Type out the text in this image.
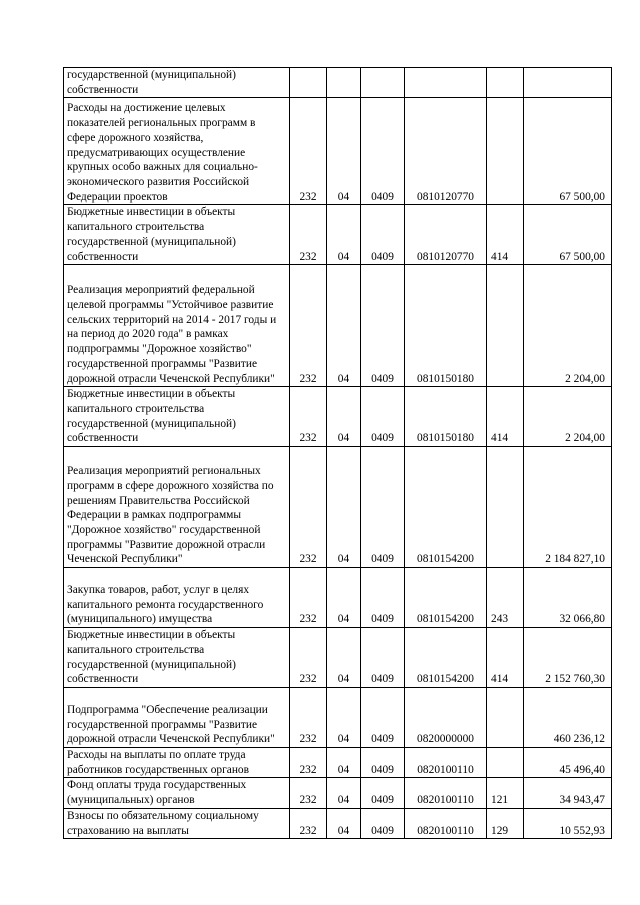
государственной (муниципальной) собственности						
Расходы на достижение целевых показателей региональных программ в сфере дорожного хозяйства, предусматривающих осуществление крупных особо важных для социально-экономического развития Российской Федерации проектов	232	04	0409	0810120770		67 500,00
Бюджетные инвестиции в объекты капитального строительства государственной (муниципальной) собственности	232	04	0409	0810120770	414	67 500,00
Реализация мероприятий федеральной целевой программы "Устойчивое развитие сельских территорий на 2014 - 2017 годы и на период до 2020 года" в рамках подпрограммы "Дорожное хозяйство" государственной программы "Развитие дорожной отрасли Чеченской Республики"	232	04	0409	0810150180		2 204,00
Бюджетные инвестиции в объекты капитального строительства государственной (муниципальной) собственности	232	04	0409	0810150180	414	2 204,00
Реализация мероприятий региональных программ в сфере дорожного хозяйства по решениям Правительства Российской Федерации в рамках подпрограммы "Дорожное хозяйство" государственной программы "Развитие дорожной отрасли Чеченской Республики"	232	04	0409	0810154200		2 184 827,10
Закупка товаров, работ, услуг в целях капитального ремонта государственного (муниципального) имущества	232	04	0409	0810154200	243	32 066,80
Бюджетные инвестиции в объекты капитального строительства государственной (муниципальной) собственности	232	04	0409	0810154200	414	2 152 760,30
Подпрограмма "Обеспечение реализации государственной программы "Развитие дорожной отрасли Чеченской Республики"	232	04	0409	0820000000		460 236,12
Расходы на выплаты по оплате труда работников государственных органов	232	04	0409	0820100110		45 496,40
Фонд оплаты труда государственных (муниципальных) органов	232	04	0409	0820100110	121	34 943,47
Взносы по обязательному социальному страхованию на выплаты	232	04	0409	0820100110	129	10 552,93
